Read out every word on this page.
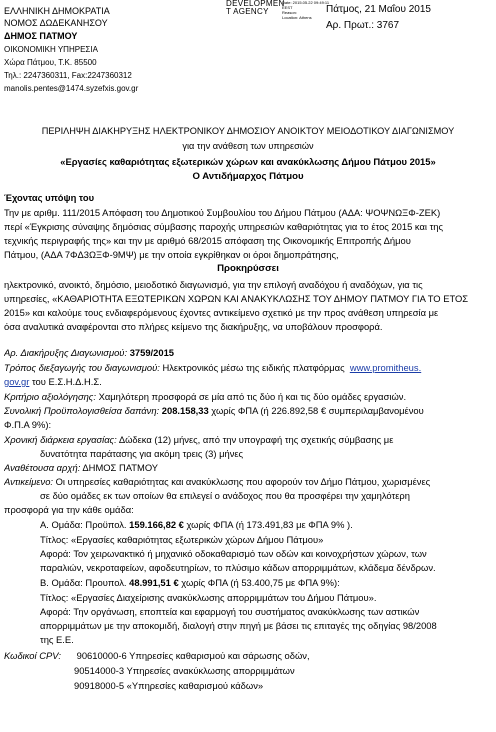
ΕΛΛΗΝΙΚΗ ΔΗΜΟΚΡΑΤΙΑ
ΝΟΜΟΣ ΔΩΔΕΚΑΝΗΣΟΥ
ΔΗΜΟΣ ΠΑΤΜΟΥ
ΟΙΚΟΝΟΜΙΚΗ ΥΠΗΡΕΣΙΑ
Χώρα Πάτμου, Τ.Κ. 85500
Τηλ.: 2247360311, Fax:2247360312
manolis.pentes@1474.syzefxis.gov.gr
DEVELOPMEN
T AGENCY
Date: 2015.05.22 09:49:11
EEST
Reason:
Location: Athens
Πάτμος, 21 Μαΐου 2015
Αρ. Πρωτ.: 3767
ΠΕΡΙΛΗΨΗ ΔΙΑΚΗΡΥΞΗΣ ΗΛΕΚΤΡΟΝΙΚΟΥ ΔΗΜΟΣΙΟΥ ΑΝΟΙΚΤΟΥ ΜΕΙΟΔΟΤΙΚΟΥ ΔΙΑΓΩΝΙΣΜΟΥ
για την ανάθεση των υπηρεσιών
«Εργασίες καθαριότητας εξωτερικών χώρων και ανακύκλωσης Δήμου Πάτμου 2015»
Ο Αντιδήμαρχος Πάτμου
Έχοντας υπόψη του
Την με αριθμ. 111/2015 Απόφαση του Δημοτικού Συμβουλίου του Δήμου Πάτμου (ΑΔΑ: ΨΟΨΝΩΞΦ-ΖΕΚ)
περί «Έγκρισης σύναψης δημόσιας σύμβασης παροχής υπηρεσιών καθαριότητας για το έτος 2015 και της
τεχνικής περιγραφής της» και την με αριθμό 68/2015 απόφαση της Οικονομικής Επιτροπής Δήμου
Πάτμου, (ΑΔΑ 7ΦΔ3ΩΞΦ-9ΜΨ) με την οποία εγκρίθηκαν οι όροι δημοπράτησης,
Προκηρύσσει
ηλεκτρονικό, ανοικτό, δημόσιο, μειοδοτικό διαγωνισμό, για την επιλογή αναδόχου ή αναδόχων, για τις
υπηρεσίες, «ΚΑΘΑΡΙΟΤΗΤΑ ΕΞΩΤΕΡΙΚΩΝ ΧΩΡΩΝ ΚΑΙ ΑΝΑΚΥΚΛΩΣΗΣ ΤΟΥ ΔΗΜΟΥ ΠΑΤΜΟΥ ΓΙΑ ΤΟ ΕΤΟΣ
2015» και καλούμε τους ενδιαφερόμενους έχοντες αντικείμενο σχετικό με την προς ανάθεση υπηρεσία με
όσα αναλυτικά αναφέρονται στο πλήρες κείμενο της διακήρυξης, να υποβάλουν προσφορά.
Αρ. Διακήρυξης Διαγωνισμού: 3759/2015
Τρόπος διεξαγωγής του διαγωνισμού: Ηλεκτρονικός μέσω της ειδικής πλατφόρμας www.promitheus.
gov.gr του Ε.Σ.Η.Δ.Η.Σ.
Κριτήριο αξιολόγησης: Χαμηλότερη προσφορά σε μία από τις δύο ή και τις δύο ομάδες εργασιών.
Συνολική Προϋπολογισθείσα δαπάνη: 208.158,33 χωρίς ΦΠΑ (ή 226.892,58 € συμπεριλαμβανομένου
Φ.Π.Α 9%):
Χρονική διάρκεια εργασίας: Δώδεκα (12) μήνες, από την υπογραφή της σχετικής σύμβασης με
δυνατότητα παράτασης για ακόμη τρεις (3) μήνες
Αναθέτουσα αρχή: ΔΗΜΟΣ ΠΑΤΜΟΥ
Αντικείμενο: Οι υπηρεσίες καθαριότητας και ανακύκλωσης που αφορούν τον Δήμο Πάτμου, χωρισμένες
σε δύο ομάδες εκ των οποίων θα επιλεγεί ο ανάδοχος που θα προσφέρει την χαμηλότερη
προσφορά για την κάθε ομάδα:
Α. Ομάδα: Προϋπολ. 159.166,82 € χωρίς ΦΠΑ (ή 173.491,83 με ΦΠΑ 9% ).
Τίτλος: «Εργασίες καθαριότητας εξωτερικών χώρων Δήμου Πάτμου»
Αφορά: Τον χειρωνακτικό ή μηχανικό οδοκαθαρισμό των οδών και κοινοχρήστων χώρων, των
παραλιών, νεκροταφείων, αφοδευτηρίων, το πλύσιμο κάδων απορριμμάτων, κλάδεμα δένδρων.
Β. Ομάδα: Προυπολ. 48.991,51 € χωρίς ΦΠΑ (ή 53.400,75 με ΦΠΑ 9%):
Τίτλος: «Εργασίες Διαχείρισης ανακύκλωσης απορριμμάτων του Δήμου Πάτμου».
Αφορά: Την οργάνωση, εποπτεία και εφαρμογή του συστήματος ανακύκλωσης των αστικών
απορριμμάτων με την αποκομιδή, διαλογή στην πηγή με βάσει τις επιταγές της οδηγίας 98/2008
της Ε.Ε.
Κωδικοί CPV: 90610000-6 Υπηρεσίες καθαρισμού και σάρωσης οδών,
90514000-3 Υπηρεσίες ανακύκλωσης απορριμμάτων
90918000-5 «Υπηρεσίες καθαρισμού κάδων»
